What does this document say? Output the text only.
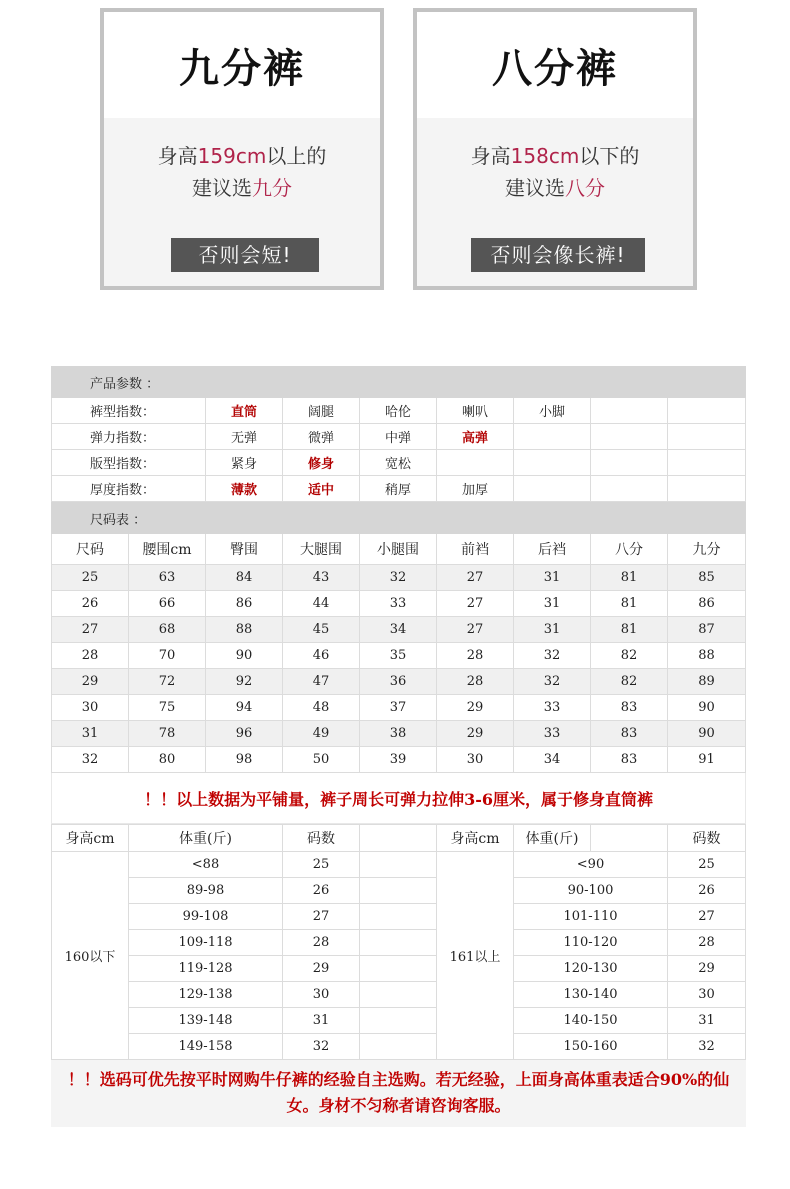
九分裤
身高159cm以上的
建议选九分
否则会短!
八分裤
身高158cm以下的
建议选八分
否则会像长裤!
产品参数 ：							
裤型指数：	直筒	阔腿	哈伦	喇叭	小脚		
弹力指数：	无弹	微弹	中弹	高弹			
版型指数：	紧身	修身	宽松				
厚度指数：	薄款	适中	稍厚	加厚			
尺码表 ：								
尺码	腰围cm	臀围	大腿围	小腿围	前裆	后裆	八分	九分
25	63	84	43	32	27	31	81	85
26	66	86	44	33	27	31	81	86
27	68	88	45	34	27	31	81	87
28	70	90	46	35	28	32	82	88
29	72	92	47	36	28	32	82	89
30	75	94	48	37	29	33	83	90
31	78	96	49	38	29	33	83	90
32	80	98	50	39	30	34	83	91
！！以上数据为平铺量，裤子周长可弹力拉伸3-6厘米，属于修身直筒裤								
身高cm	体重(斤)	码数		身高cm	体重(斤)		码数
160以下	<88	25		161以上	<90		25
	89-98	26			90-100		26
	99-108	27			101-110		27
	109-118	28			110-120		28
	119-128	29			120-130		29
	129-138	30			130-140		30
	139-148	31			140-150		31
	149-158	32			150-160		32
！！选码可优先按平时网购牛仔裤的经验自主选购。若无经验，上面身高体重表适合90%的仙女。身材不匀称者请咨询客服。							
